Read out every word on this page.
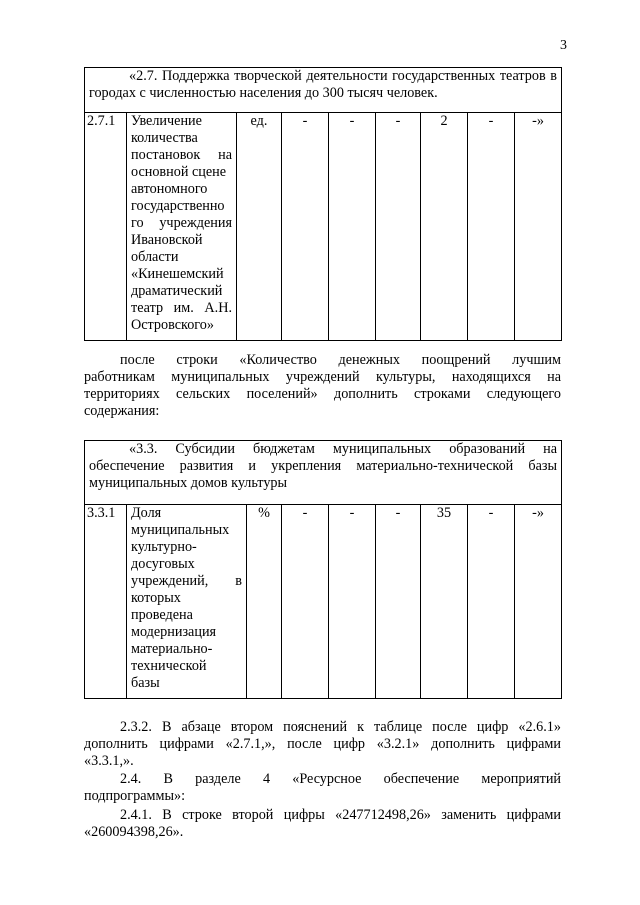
3
«2.7. Поддержка творческой деятельности государственных театров в городах с численностью населения до 300 тысяч человек.
2.7.1	Увеличение
количества
постановок на
основной сцене
автономного
государственно
го учреждения
Ивановской
области
«Кинешемский
драматический
театр им. А.Н.
Островского»
	ед.	-	-	-	2	-	-»
после строки «Количество денежных поощрений лучшим
работникам муниципальных учреждений культуры, находящихся на
территориях сельских поселений» дополнить строками следующего
содержания:
«3.3. Субсидии бюджетам муниципальных образований на обеспечение развития и укрепления материально-технической базы муниципальных домов культуры
3.3.1	Доля
муниципальных
культурно-
досуговых
учреждений, в
которых
проведена
модернизация
материально-
технической
базы
	%	-	-	-	35	-	-»
2.3.2. В абзаце втором пояснений к таблице после цифр «2.6.1»
дополнить цифрами «2.7.1,», после цифр «3.2.1» дополнить цифрами
«3.3.1,».
2.4. В разделе 4 «Ресурсное обеспечение мероприятий
подпрограммы»:
2.4.1. В строке второй цифры «247712498,26» заменить цифрами
«260094398,26».
